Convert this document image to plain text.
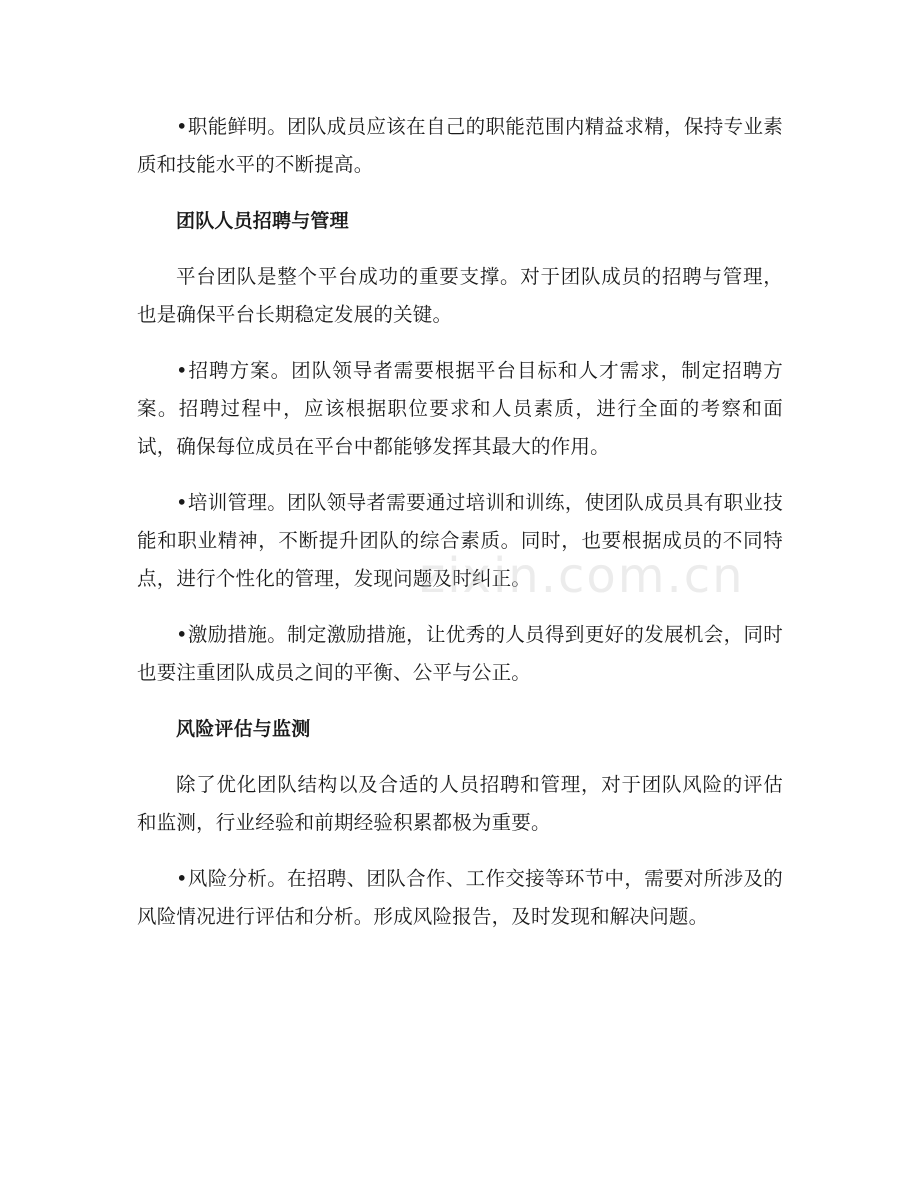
•职能鲜明。团队成员应该在自己的职能范围内精益求精，保持专业素质和技能水平的不断提高。

团队人员招聘与管理

平台团队是整个平台成功的重要支撑。对于团队成员的招聘与管理，也是确保平台长期稳定发展的关键。

•招聘方案。团队领导者需要根据平台目标和人才需求，制定招聘方案。招聘过程中，应该根据职位要求和人员素质，进行全面的考察和面试，确保每位成员在平台中都能够发挥其最大的作用。

•培训管理。团队领导者需要通过培训和训练，使团队成员具有职业技能和职业精神，不断提升团队的综合素质。同时，也要根据成员的不同特点，进行个性化的管理，发现问题及时纠正。

•激励措施。制定激励措施，让优秀的人员得到更好的发展机会，同时也要注重团队成员之间的平衡、公平与公正。

风险评估与监测

除了优化团队结构以及合适的人员招聘和管理，对于团队风险的评估和监测，行业经验和前期经验积累都极为重要。

•风险分析。在招聘、团队合作、工作交接等环节中，需要对所涉及的风险情况进行评估和分析。形成风险报告，及时发现和解决问题。

zixin.com.cn
